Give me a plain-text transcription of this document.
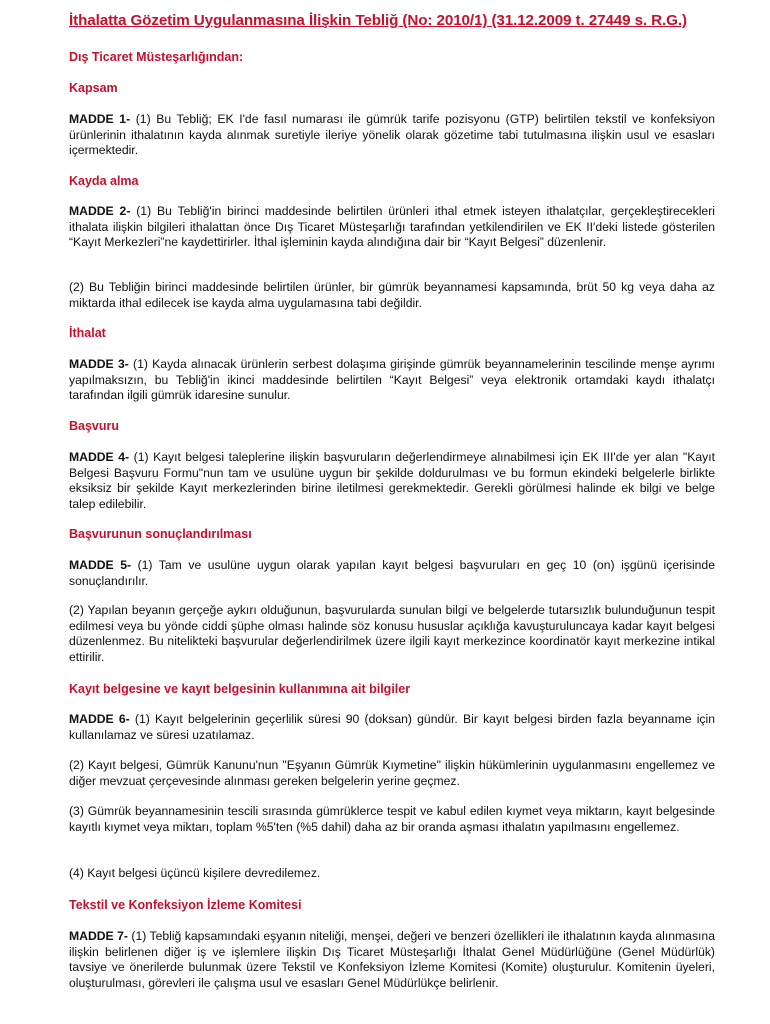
İthalatta Gözetim Uygulanmasına İlişkin Tebliğ (No: 2010/1) (31.12.2009 t. 27449 s. R.G.)
Dış Ticaret Müsteşarlığından:
Kapsam
MADDE 1- (1) Bu Tebliğ; EK I'de fasıl numarası ile gümrük tarife pozisyonu (GTP) belirtilen tekstil ve konfeksiyon ürünlerinin ithalatının kayda alınmak suretiyle ileriye yönelik olarak gözetime tabi tutulmasına ilişkin usul ve esasları içermektedir.
Kayda alma
MADDE 2- (1) Bu Tebliğ'in birinci maddesinde belirtilen ürünleri ithal etmek isteyen ithalatçılar, gerçekleştirecekleri ithalata ilişkin bilgileri ithalattan önce Dış Ticaret Müsteşarlığı tarafından yetkilendirilen ve EK II'deki listede gösterilen “Kayıt Merkezleri”ne kaydettirirler. İthal işleminin kayda alındığına dair bir “Kayıt Belgesi” düzenlenir.
(2) Bu Tebliğin birinci maddesinde belirtilen ürünler, bir gümrük beyannamesi kapsamında, brüt 50 kg veya daha az miktarda ithal edilecek ise kayda alma uygulamasına tabi değildir.
İthalat
MADDE 3- (1) Kayda alınacak ürünlerin serbest dolaşıma girişinde gümrük beyannamelerinin tescilinde menşe ayrımı yapılmaksızın, bu Tebliğ'in ikinci maddesinde belirtilen “Kayıt Belgesi” veya elektronik ortamdaki kaydı ithalatçı tarafından ilgili gümrük idaresine sunulur.
Başvuru
MADDE 4- (1) Kayıt belgesi taleplerine ilişkin başvuruların değerlendirmeye alınabilmesi için EK III'de yer alan "Kayıt Belgesi Başvuru Formu"nun tam ve usulüne uygun bir şekilde doldurulması ve bu formun ekindeki belgelerle birlikte eksiksiz bir şekilde Kayıt merkezlerinden birine iletilmesi gerekmektedir. Gerekli görülmesi halinde ek bilgi ve belge talep edilebilir.
Başvurunun sonuçlandırılması
MADDE 5- (1) Tam ve usulüne uygun olarak yapılan kayıt belgesi başvuruları en geç 10 (on) işgünü içerisinde sonuçlandırılır.
(2) Yapılan beyanın gerçeğe aykırı olduğunun, başvurularda sunulan bilgi ve belgelerde tutarsızlık bulunduğunun tespit edilmesi veya bu yönde ciddi şüphe olması halinde söz konusu hususlar açıklığa kavuşturuluncaya kadar kayıt belgesi düzenlenmez. Bu nitelikteki başvurular değerlendirilmek üzere ilgili kayıt merkezince koordinatör kayıt merkezine intikal ettirilir.
Kayıt belgesine ve kayıt belgesinin kullanımına ait bilgiler
MADDE 6- (1) Kayıt belgelerinin geçerlilik süresi 90 (doksan) gündür. Bir kayıt belgesi birden fazla beyanname için kullanılamaz ve süresi uzatılamaz.
(2) Kayıt belgesi, Gümrük Kanunu'nun "Eşyanın Gümrük Kıymetine" ilişkin hükümlerinin uygulanmasını engellemez ve diğer mevzuat çerçevesinde alınması gereken belgelerin yerine geçmez.
(3) Gümrük beyannamesinin tescili sırasında gümrüklerce tespit ve kabul edilen kıymet veya miktarın, kayıt belgesinde kayıtlı kıymet veya miktarı, toplam %5'ten (%5 dahil) daha az bir oranda aşması ithalatın yapılmasını engellemez.
(4) Kayıt belgesi üçüncü kişilere devredilemez.
Tekstil ve Konfeksiyon İzleme Komitesi
MADDE 7- (1) Tebliğ kapsamındaki eşyanın niteliği, menşei, değeri ve benzeri özellikleri ile ithalatının kayda alınmasına ilişkin belirlenen diğer iş ve işlemlere ilişkin Dış Ticaret Müsteşarlığı İthalat Genel Müdürlüğüne (Genel Müdürlük) tavsiye ve önerilerde bulunmak üzere Tekstil ve Konfeksiyon İzleme Komitesi (Komite) oluşturulur. Komitenin üyeleri, oluşturulması, görevleri ile çalışma usul ve esasları Genel Müdürlükçe belirlenir.
